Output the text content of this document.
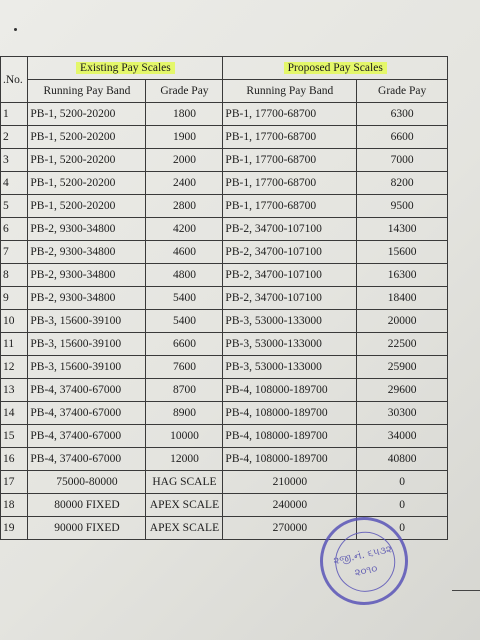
.No.	Existing Pay Scales		Proposed Pay Scales	
	Running Pay Band	Grade Pay	Running Pay Band	Grade Pay
1	PB-1, 5200-20200	1800	PB-1, 17700-68700	6300
2	PB-1, 5200-20200	1900	PB-1, 17700-68700	6600
3	PB-1, 5200-20200	2000	PB-1, 17700-68700	7000
4	PB-1, 5200-20200	2400	PB-1, 17700-68700	8200
5	PB-1, 5200-20200	2800	PB-1, 17700-68700	9500
6	PB-2, 9300-34800	4200	PB-2, 34700-107100	14300
7	PB-2, 9300-34800	4600	PB-2, 34700-107100	15600
8	PB-2, 9300-34800	4800	PB-2, 34700-107100	16300
9	PB-2, 9300-34800	5400	PB-2, 34700-107100	18400
10	PB-3, 15600-39100	5400	PB-3, 53000-133000	20000
11	PB-3, 15600-39100	6600	PB-3, 53000-133000	22500
12	PB-3, 15600-39100	7600	PB-3, 53000-133000	25900
13	PB-4, 37400-67000	8700	PB-4, 108000-189700	29600
14	PB-4, 37400-67000	8900	PB-4, 108000-189700	30300
15	PB-4, 37400-67000	10000	PB-4, 108000-189700	34000
16	PB-4, 37400-67000	12000	PB-4, 108000-189700	40800
17	75000-80000	HAG SCALE	210000	0
18	80000 FIXED	APEX SCALE	240000	0
19	90000 FIXED	APEX SCALE	270000	0
૨જી.નં. ૬૫૩૨
૨૦૧૦
